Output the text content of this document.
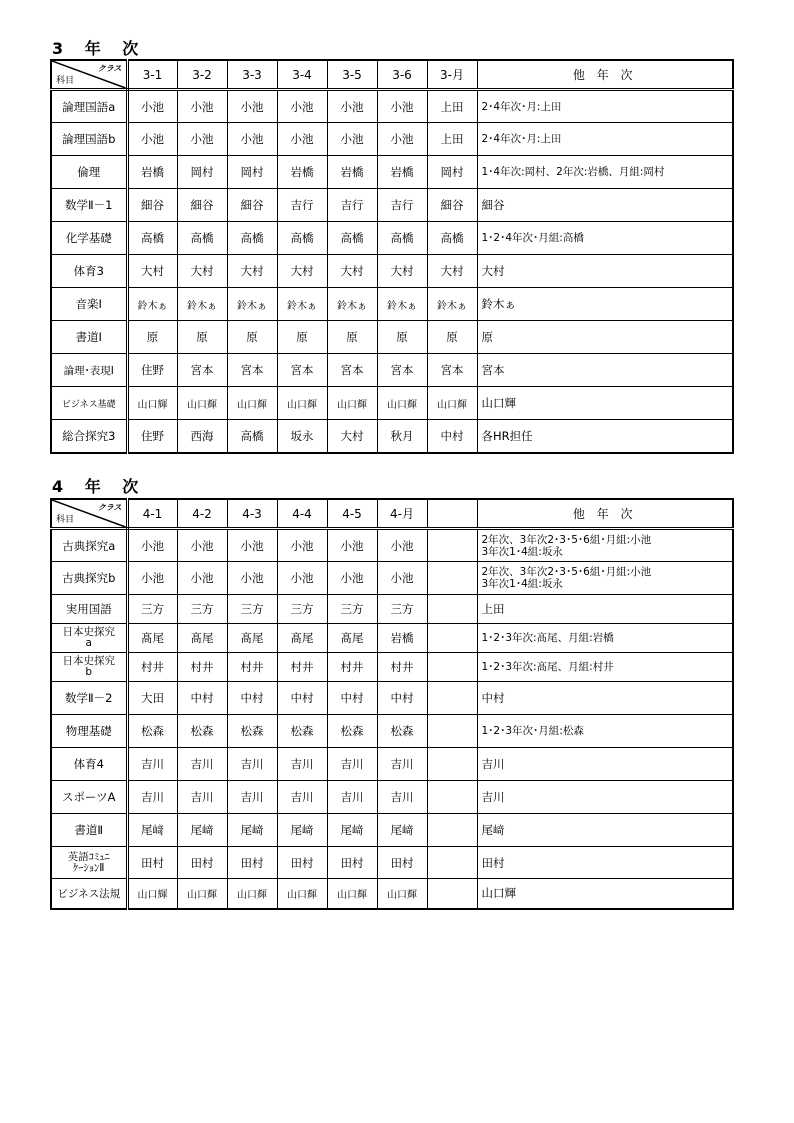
3 年 次
クラス
科目	3-1	3-2	3-3	3-4	3-5	3-6	3-月	他 年 次
論理国語a	小池	小池	小池	小池	小池	小池	上田	2･4年次･月:上田
論理国語b	小池	小池	小池	小池	小池	小池	上田	2･4年次･月:上田
倫理	岩橋	岡村	岡村	岩橋	岩橋	岩橋	岡村	1･4年次:岡村、2年次:岩橋、月組:岡村
数学Ⅱ－1	細谷	細谷	細谷	吉行	吉行	吉行	細谷	細谷
化学基礎	高橋	高橋	高橋	高橋	高橋	高橋	高橋	1･2･4年次･月組:高橋
体育3	大村	大村	大村	大村	大村	大村	大村	大村
音楽Ⅰ	鈴木ぁ	鈴木ぁ	鈴木ぁ	鈴木ぁ	鈴木ぁ	鈴木ぁ	鈴木ぁ	鈴木ぁ
書道Ⅰ	原	原	原	原	原	原	原	原
論理･表現Ⅰ	住野	宮本	宮本	宮本	宮本	宮本	宮本	宮本
ビジネス基礎	山口輝	山口輝	山口輝	山口輝	山口輝	山口輝	山口輝	山口輝
総合探究3	住野	西海	高橋	坂永	大村	秋月	中村	各HR担任
4 年 次
クラス
科目	4-1	4-2	4-3	4-4	4-5	4-月		他 年 次
古典探究a	小池	小池	小池	小池	小池	小池		2年次、3年次2･3･5･6組･月組:小池
3年次1･4組:坂永

古典探究b	小池	小池	小池	小池	小池	小池		2年次、3年次2･3･5･6組･月組:小池
3年次1･4組:坂永

実用国語	三方	三方	三方	三方	三方	三方		上田

日本史探究
a	髙尾	髙尾	髙尾	髙尾	髙尾	岩橋		1･2･3年次:髙尾、月組:岩橋

日本史探究
b	村井	村井	村井	村井	村井	村井		1･2･3年次:髙尾、月組:村井
数学Ⅱ－2	大田	中村	中村	中村	中村	中村		中村
物理基礎	松森	松森	松森	松森	松森	松森		1･2･3年次･月組:松森
体育4	吉川	吉川	吉川	吉川	吉川	吉川		吉川
スポーツA	吉川	吉川	吉川	吉川	吉川	吉川		吉川
書道Ⅱ	尾﨑	尾﨑	尾﨑	尾﨑	尾﨑	尾﨑		尾﨑

英語ｺﾐｭﾆ
ｹｰｼｮﾝⅡ	田村	田村	田村	田村	田村	田村		田村
ビジネス法規	山口輝	山口輝	山口輝	山口輝	山口輝	山口輝		山口輝
